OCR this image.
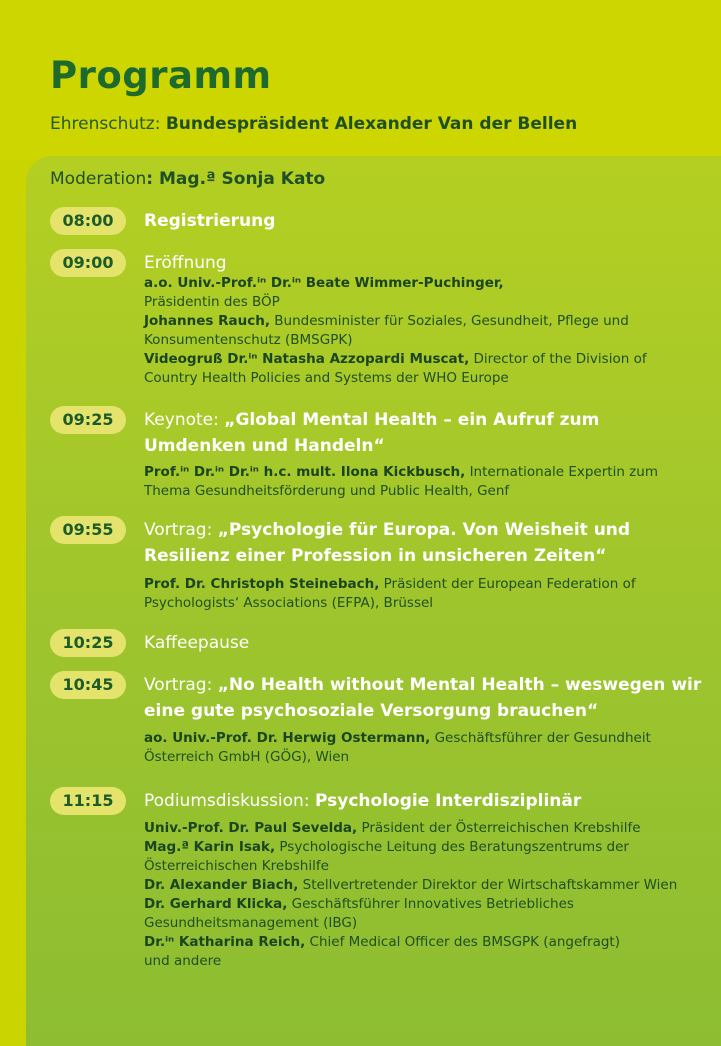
Programm
Ehrenschutz: Bundespräsident Alexander Van der Bellen
Moderation: Mag.ª Sonja Kato
08:00	Registrierung
09:00	Eröffnung

a.o. Univ.-Prof.ⁱⁿ Dr.ⁱⁿ Beate Wimmer-Puchinger,
Präsidentin des BÖP

Johannes Rauch, Bundesminister für Soziales, Gesundheit, Pflege und Konsumentenschutz (BMSGPK)

Videogruß Dr.ⁱⁿ Natasha Azzopardi Muscat, Director of the Division of Country Health Policies and Systems der WHO Europe

09:25	Keynote: „Global Mental Health – ein Aufruf zum Umdenken und Handeln“

Prof.ⁱⁿ Dr.ⁱⁿ Dr.ⁱⁿ h.c. mult. Ilona Kickbusch, Internationale Expertin zum Thema Gesundheitsförderung und Public Health, Genf

09:55	Vortrag: „Psychologie für Europa. Von Weisheit und Resilienz einer Profession in unsicheren Zeiten“

Prof. Dr. Christoph Steinebach, Präsident der European Federation of Psychologists‘ Associations (EFPA), Brüssel

10:25	Kaffeepause
10:45	Vortrag: „No Health without Mental Health – weswegen wir eine gute psychosoziale Versorgung brauchen“

ao. Univ.-Prof. Dr. Herwig Ostermann, Geschäftsführer der Gesundheit Österreich GmbH (GÖG), Wien

11:15	Podiumsdiskussion: Psychologie Interdisziplinär

Univ.-Prof. Dr. Paul Sevelda, Präsident der Österreichischen Krebshilfe

Mag.ª Karin Isak, Psychologische Leitung des Beratungszentrums der Österreichischen Krebshilfe

Dr. Alexander Biach, Stellvertretender Direktor der Wirtschaftskammer Wien

Dr. Gerhard Klicka, Geschäftsführer Innovatives Betriebliches Gesundheitsmanagement (IBG)

Dr.ⁱⁿ Katharina Reich, Chief Medical Officer des BMSGPK (angefragt)

und andere
